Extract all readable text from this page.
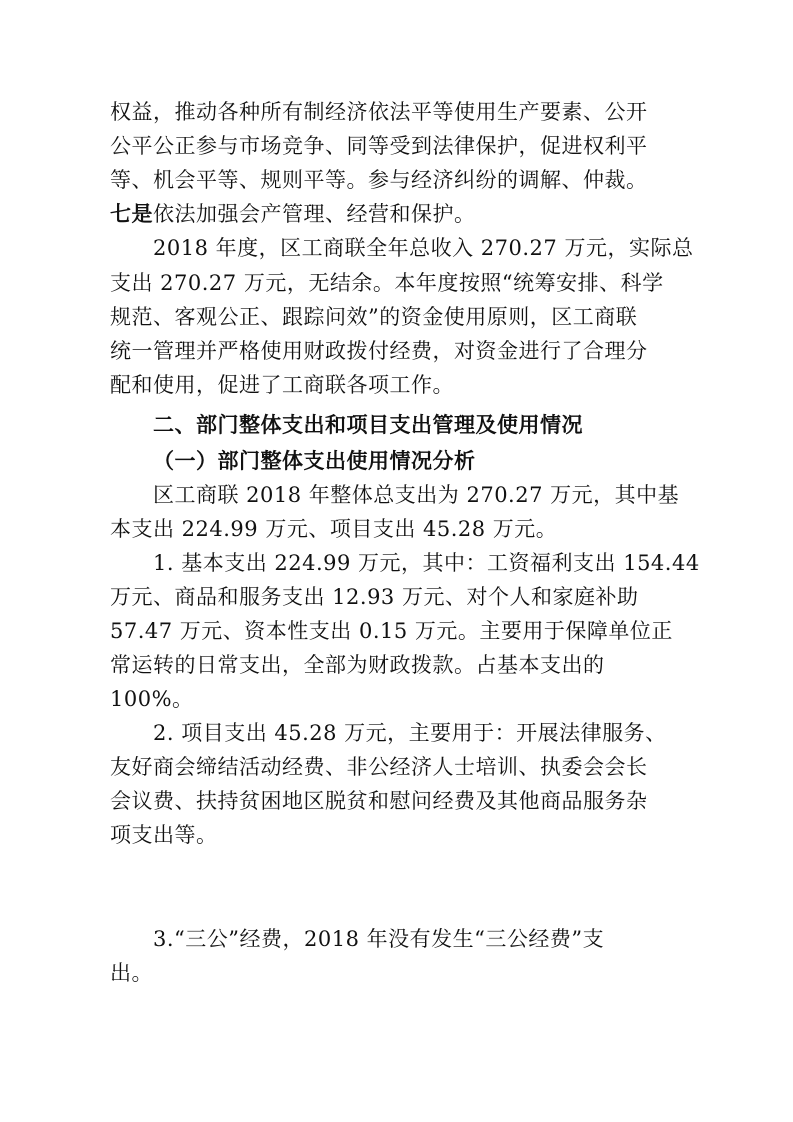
权益，推动各种所有制经济依法平等使用生产要素、公开

公平公正参与市场竞争、同等受到法律保护，促进权利平

等、机会平等、规则平等。参与经济纠纷的调解、仲裁。

七是依法加强会产管理、经营和保护。

2018 年度，区工商联全年总收入 270.27 万元，实际总

支出 270.27 万元，无结余。本年度按照“统筹安排、科学

规范、客观公正、跟踪问效”的资金使用原则，区工商联

统一管理并严格使用财政拨付经费，对资金进行了合理分

配和使用，促进了工商联各项工作。

二、部门整体支出和项目支出管理及使用情况

（一）部门整体支出使用情况分析

区工商联 2018 年整体总支出为 270.27 万元，其中基

本支出 224.99 万元、项目支出 45.28 万元。

1. 基本支出 224.99 万元，其中：工资福利支出 154.44

万元、商品和服务支出 12.93 万元、对个人和家庭补助

57.47 万元、资本性支出 0.15 万元。主要用于保障单位正

常运转的日常支出，全部为财政拨款。占基本支出的

100%。

2. 项目支出 45.28 万元，主要用于：开展法律服务、

友好商会缔结活动经费、非公经济人士培训、执委会会长

会议费、扶持贫困地区脱贫和慰问经费及其他商品服务杂

项支出等。

3.“三公”经费，2018 年没有发生“三公经费”支

出。
